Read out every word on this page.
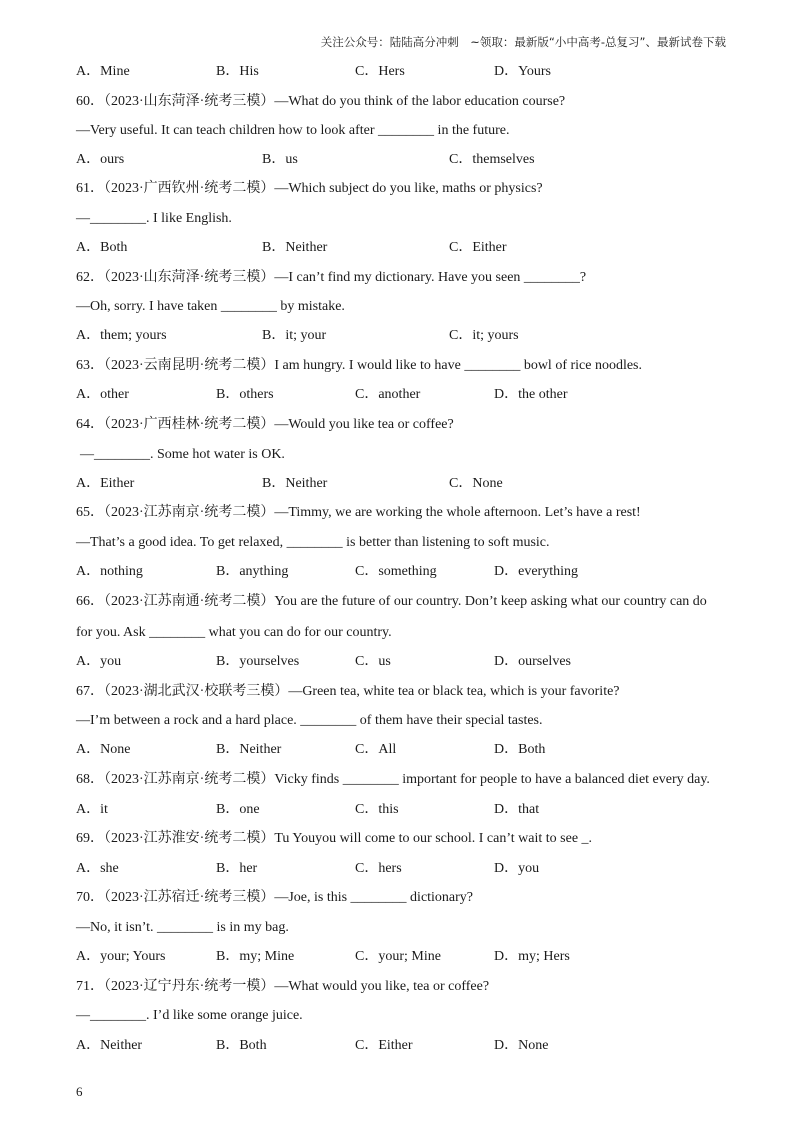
关注公众号：陆陆高分冲刺　~领取：最新版“小中高考-总复习”、最新试卷下载
A．Mine	B．His	C．Hers	D．Yours
60．（2023·山东菏泽·统考三模）—What do you think of the labor education course?
—Very useful. It can teach children how to look after ________ in the future.
A．ours	B．us	C．themselves
61．（2023·广西钦州·统考二模）—Which subject do you like, maths or physics?
—________. I like English.
A．Both	B．Neither	C．Either
62．（2023·山东菏泽·统考三模）—I can’t find my dictionary. Have you seen ________?
—Oh, sorry. I have taken ________ by mistake.
A．them; yours	B．it; your	C．it; yours
63．（2023·云南昆明·统考二模）I am hungry. I would like to have ________ bowl of rice noodles.
A．other	B．others	C．another	D．the other
64．（2023·广西桂林·统考二模）—Would you like tea or coffee?
—________. Some hot water is OK.
A．Either	B．Neither	C．None
65．（2023·江苏南京·统考二模）—Timmy, we are working the whole afternoon. Let’s have a rest!
—That’s a good idea. To get relaxed, ________ is better than listening to soft music.
A．nothing	B．anything	C．something	D．everything
66．（2023·江苏南通·统考二模）You are the future of our country. Don’t keep asking what our country can do
for you. Ask ________ what you can do for our country.
A．you	B．yourselves	C．us	D．ourselves
67．（2023·湖北武汉·校联考三模）—Green tea, white tea or black tea, which is your favorite?
—I’m between a rock and a hard place. ________ of them have their special tastes.
A．None	B．Neither	C．All	D．Both
68．（2023·江苏南京·统考二模）Vicky finds ________ important for people to have a balanced diet every day.
A．it	B．one	C．this	D．that
69．（2023·江苏淮安·统考二模）Tu Youyou will come to our school. I can’t wait to see _.
A．she	B．her	C．hers	D．you
70．（2023·江苏宿迁·统考三模）—Joe, is this ________ dictionary?
—No, it isn’t. ________ is in my bag.
A．your; Yours	B．my; Mine	C．your; Mine	D．my; Hers
71．（2023·辽宁丹东·统考一模）—What would you like, tea or coffee?
—________. I’d like some orange juice.
A．Neither	B．Both	C．Either	D．None
6
